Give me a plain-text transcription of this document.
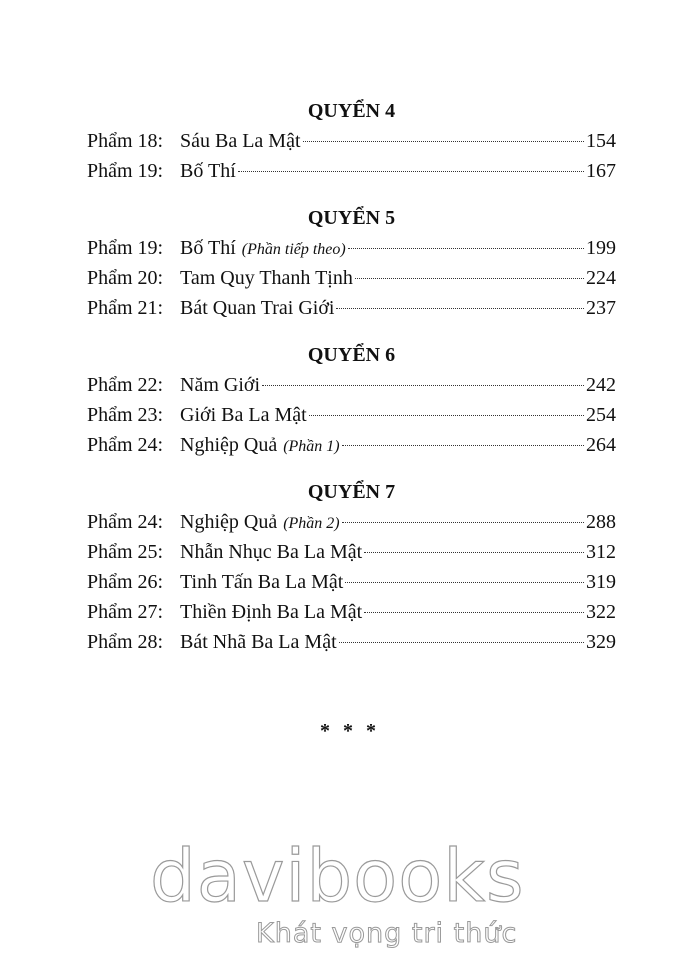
QUYỂN 4
Phẩm 18: Sáu Ba La Mật	154
Phẩm 19: Bố Thí	167
QUYỂN 5
Phẩm 19: Bố Thí (Phần tiếp theo)	199
Phẩm 20: Tam Quy Thanh Tịnh	224
Phẩm 21: Bát Quan Trai Giới	237
QUYỂN 6
Phẩm 22: Năm Giới	242
Phẩm 23: Giới Ba La Mật	254
Phẩm 24: Nghiệp Quả (Phần 1)	264
QUYỂN 7
Phẩm 24: Nghiệp Quả (Phần 2)	288
Phẩm 25: Nhẫn Nhục Ba La Mật	312
Phẩm 26: Tinh Tấn Ba La Mật	319
Phẩm 27: Thiền Định Ba La Mật	322
Phẩm 28: Bát Nhã Ba La Mật	329
* * *
davibooks
Khát vọng tri thức
